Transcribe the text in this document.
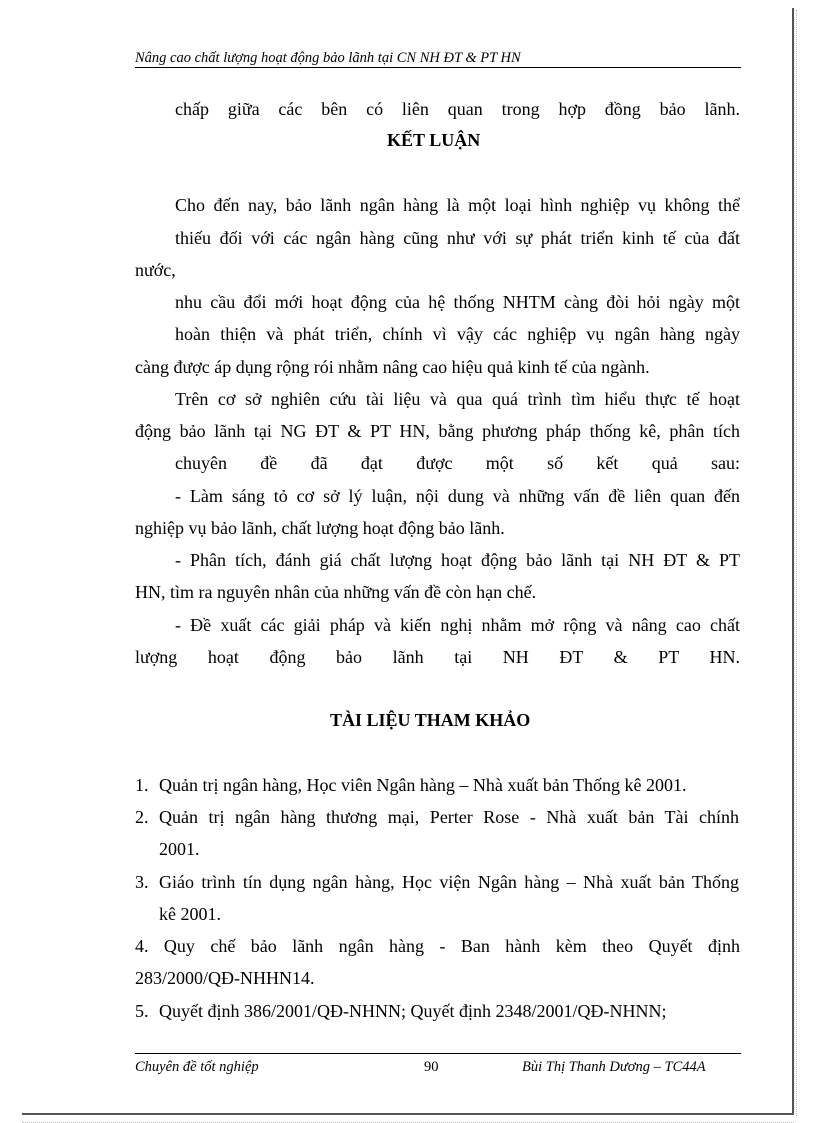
Nâng cao chất lượng hoạt động bảo lãnh tại CN NH ĐT & PT HN
chấp giữa các bên có liên quan trong hợp đồng bảo lãnh.
KẾT LUẬN
Cho đến nay, bảo lãnh ngân hàng là một loại hình nghiệp vụ không thể
thiếu đối với các ngân hàng cũng như với sự phát triển kinh tế của đất
nước,
nhu cầu đổi mới hoạt động của hệ thống NHTM càng đòi hỏi ngày một
hoàn thiện và phát triển, chính vì vậy các nghiệp vụ ngân hàng ngày
càng được áp dụng rộng rói nhằm nâng cao hiệu quả kinh tế của ngành.
Trên cơ sở nghiên cứu tài liệu và qua quá trình tìm hiểu thực tế hoạt
động bảo lãnh tại NG ĐT & PT HN, bằng phương pháp thống kê, phân tích
chuyên đề đã đạt được một số kết quả sau:
- Làm sáng tỏ cơ sở lý luận, nội dung và những vấn đề liên quan đến
nghiệp vụ bảo lãnh, chất lượng hoạt động bảo lãnh.
- Phân tích, đánh giá chất lượng hoạt động bảo lãnh tại NH ĐT & PT
HN, tìm ra nguyên nhân của những vấn đề còn hạn chế.
- Đề xuất các giải pháp và kiến nghị nhằm mở rộng và nâng cao chất
lượng hoạt động bảo lãnh tại NH ĐT & PT HN.
TÀI LIỆU THAM KHẢO
1. Quản trị ngân hàng, Học viên Ngân hàng – Nhà xuất bản Thống kê 2001.
2. Quản trị ngân hàng thương mại, Perter Rose - Nhà xuất bản Tài chính
2001.
3. Giáo trình tín dụng ngân hàng, Học viện Ngân hàng – Nhà xuất bản Thống
kê 2001.
4. Quy chế bảo lãnh ngân hàng - Ban hành kèm theo Quyết định
283/2000/QĐ-NHHN14.
5. Quyết định 386/2001/QĐ-NHNN; Quyết định 2348/2001/QĐ-NHNN;
Chuyên đề tốt nghiệp	90	Bùi Thị Thanh Dương – TC44A
